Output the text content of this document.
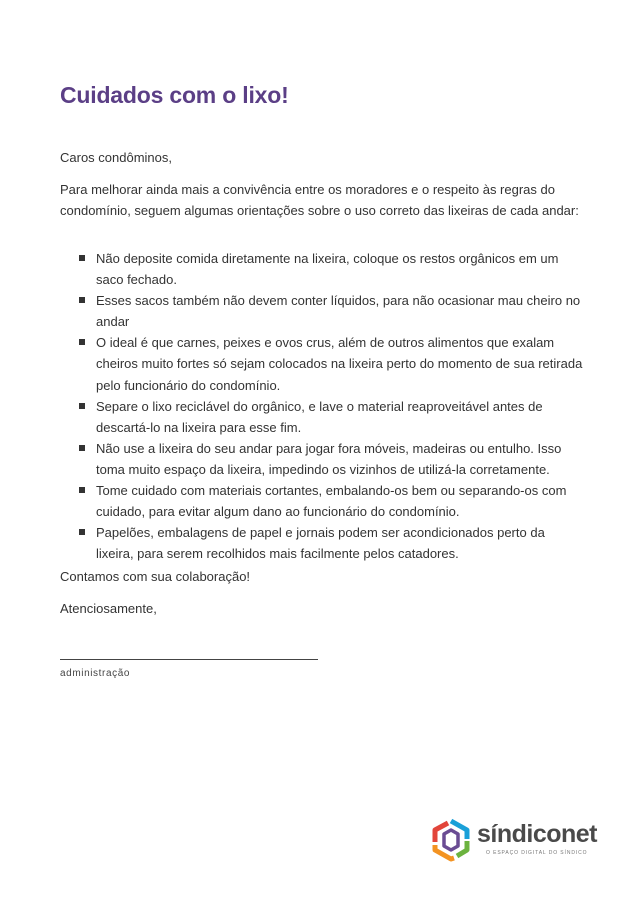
Cuidados com o lixo!
Caros condôminos,
Para melhorar ainda mais a convivência entre os moradores e o respeito às regras do condomínio, seguem algumas orientações sobre o uso correto das lixeiras de cada andar:
Não deposite comida diretamente na lixeira, coloque os restos orgânicos em um saco fechado.
Esses sacos também não devem conter líquidos, para não ocasionar mau cheiro no andar
O ideal é que carnes, peixes e ovos crus, além de outros alimentos que exalam cheiros muito fortes só sejam colocados na lixeira perto do momento de sua retirada pelo funcionário do condomínio.
Separe o lixo reciclável do orgânico, e lave o material reaproveitável antes de descartá-lo na lixeira para esse fim.
Não use a lixeira do seu andar para jogar fora móveis, madeiras ou entulho. Isso toma muito espaço da lixeira, impedindo os vizinhos de utilizá-la corretamente.
Tome cuidado com materiais cortantes, embalando-os bem ou separando-os com cuidado, para evitar algum dano ao funcionário do condomínio.
Papelões, embalagens de papel e jornais podem ser acondicionados perto da lixeira, para serem recolhidos mais facilmente pelos catadores.
Contamos com sua colaboração!
Atenciosamente,
administração
síndiconet
O ESPAÇO DIGITAL DO SÍNDICO
